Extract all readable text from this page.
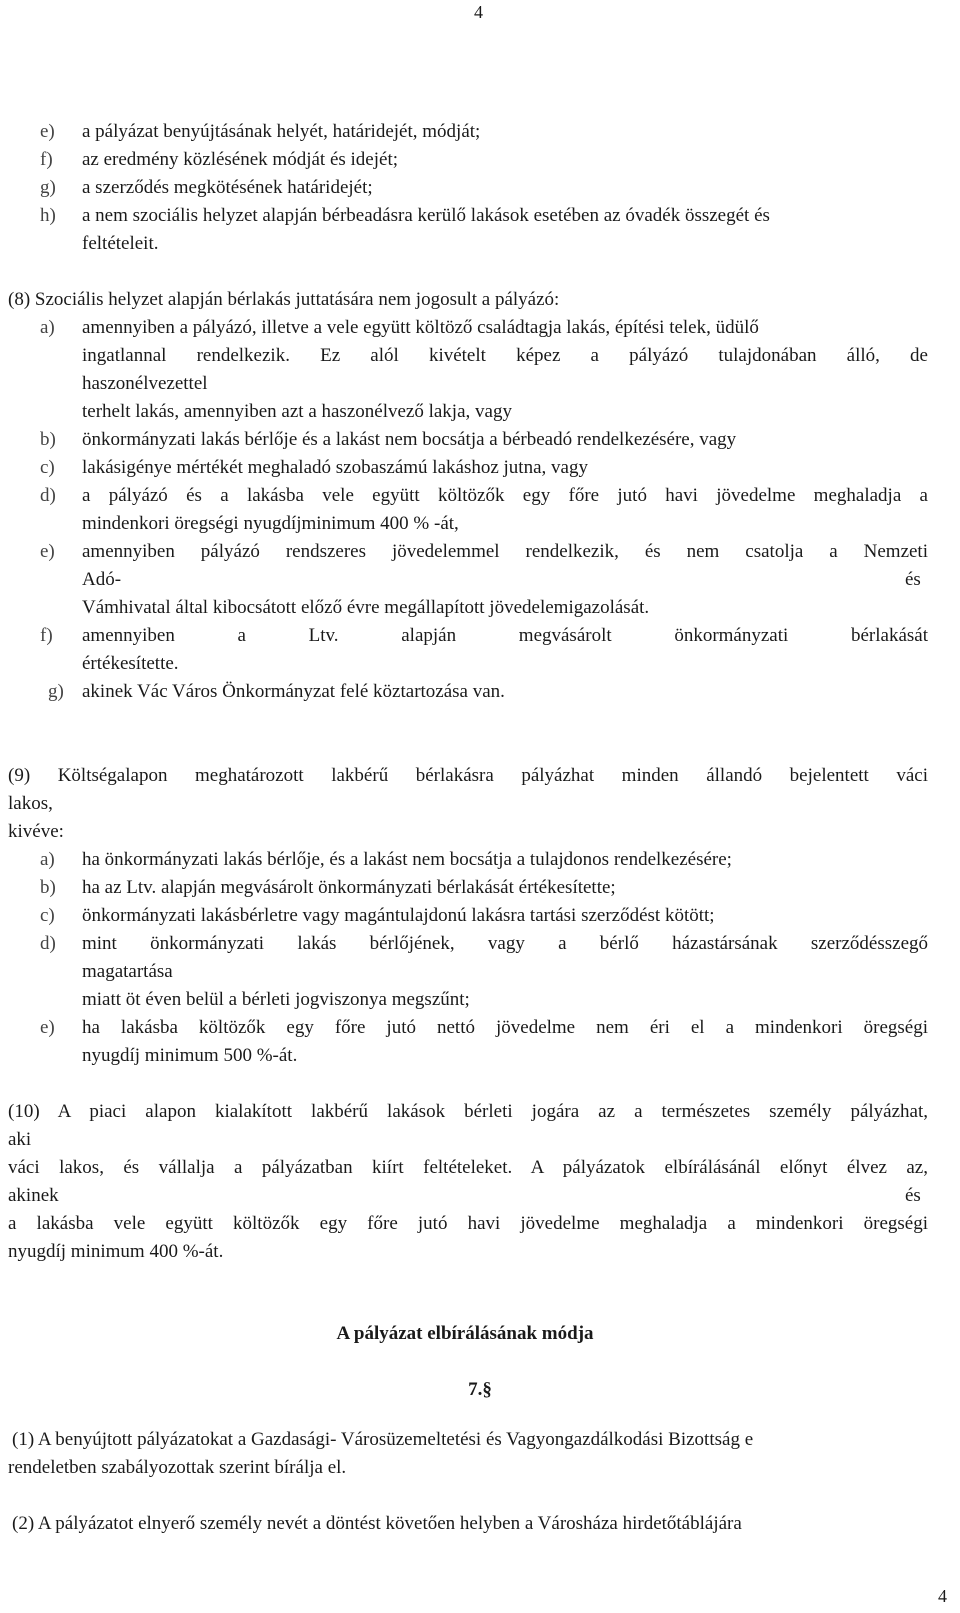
4
e) a pályázat benyújtásának helyét, határidejét, módját;
f) az eredmény közlésének módját és idejét;
g) a szerződés megkötésének határidejét;
h) a nem szociális helyzet alapján bérbeadásra kerülő lakások esetében az óvadék összegét és
feltételeit.
(8) Szociális helyzet alapján bérlakás juttatására nem jogosult a pályázó:
a) amennyiben a pályázó, illetve a vele együtt költöző családtagja lakás, építési telek, üdülő
ingatlannal rendelkezik. Ez alól kivételt képez a pályázó tulajdonában álló, de
haszonélvezettel
terhelt lakás, amennyiben azt a haszonélvező lakja, vagy
b) önkormányzati lakás bérlője és a lakást nem bocsátja a bérbeadó rendelkezésére, vagy
c) lakásigénye mértékét meghaladó szobaszámú lakáshoz jutna, vagy
d) a pályázó és a lakásba vele együtt költözők egy főre jutó havi jövedelme meghaladja a
mindenkori öregségi nyugdíjminimum 400 % -át,
e) amennyiben pályázó rendszeres jövedelemmel rendelkezik, és nem csatolja a Nemzeti
Adó-	és
Vámhivatal által kibocsátott előző évre megállapított jövedelemigazolását.
f) amennyiben a Ltv. alapján megvásárolt önkormányzati bérlakását
értékesítette.
g) akinek Vác Város Önkormányzat felé köztartozása van.
(9) Költségalapon meghatározott lakbérű bérlakásra pályázhat minden állandó bejelentett váci
lakos,
kivéve:
a) ha önkormányzati lakás bérlője, és a lakást nem bocsátja a tulajdonos rendelkezésére;
b) ha az Ltv. alapján megvásárolt önkormányzati bérlakását értékesítette;
c) önkormányzati lakásbérletre vagy magántulajdonú lakásra tartási szerződést kötött;
d) mint önkormányzati lakás bérlőjének, vagy a bérlő házastársának szerződésszegő
magatartása
miatt öt éven belül a bérleti jogviszonya megszűnt;
e) ha lakásba költözők egy főre jutó nettó jövedelme nem éri el a mindenkori öregségi
nyugdíj minimum 500 %-át.
(10) A piaci alapon kialakított lakbérű lakások bérleti jogára az a természetes személy pályázhat,
aki
váci lakos, és vállalja a pályázatban kiírt feltételeket. A pályázatok elbírálásánál előnyt élvez az,
akinek	és
a lakásba vele együtt költözők egy főre jutó havi jövedelme meghaladja a mindenkori öregségi
nyugdíj minimum 400 %-át.
A pályázat elbírálásának módja
7.§
(1) A benyújtott pályázatokat a Gazdasági- Városüzemeltetési és Vagyongazdálkodási Bizottság e
rendeletben szabályozottak szerint bírálja el.
(2) A pályázatot elnyerő személy nevét a döntést követően helyben a Városháza hirdetőtáblájára
4
